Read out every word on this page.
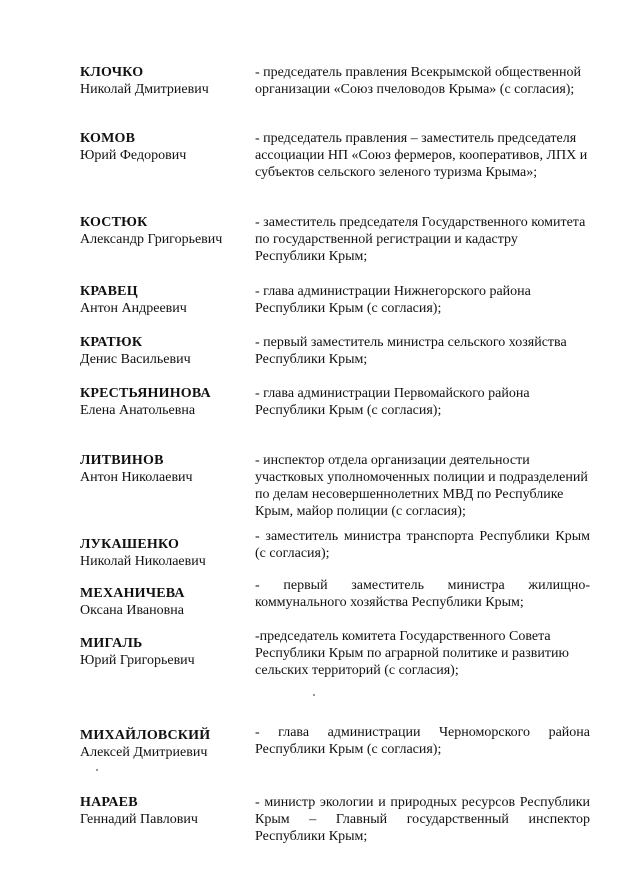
КЛОЧКО
Николай Дмитриевич
- председатель правления Всекрымской общественной организации «Союз пчеловодов Крыма» (с согласия);
КОМОВ
Юрий Федорович
- председатель правления – заместитель председателя ассоциации НП «Союз фермеров, кооперативов, ЛПХ и субъектов сельского зеленого туризма Крыма»;
КОСТЮК
Александр Григорьевич
- заместитель председателя Государственного комитета по государственной регистрации и кадастру Республики Крым;
КРАВЕЦ
Антон Андреевич
- глава администрации Нижнегорского района Республики Крым (с согласия);
КРАТЮК
Денис Васильевич
- первый заместитель министра сельского хозяйства Республики Крым;
КРЕСТЬЯНИНОВА
Елена Анатольевна
- глава администрации Первомайского района Республики Крым (с согласия);
ЛИТВИНОВ
Антон Николаевич
- инспектор отдела организации деятельности участковых уполномоченных полиции и подразделений по делам несовершеннолетних МВД по Республике Крым, майор полиции (с согласия);
ЛУКАШЕНКО
Николай Николаевич
- заместитель министра транспорта Республики Крым (с согласия);
МЕХАНИЧЕВА
Оксана Ивановна
- первый заместитель министра жилищно-коммунального хозяйства Республики Крым;
МИГАЛЬ
Юрий Григорьевич
-председатель комитета Государственного Совета Республики Крым по аграрной политике и развитию сельских территорий (с согласия);
МИХАЙЛОВСКИЙ
Алексей Дмитриевич
- глава администрации Черноморского района Республики Крым (с согласия);
НАРАЕВ
Геннадий Павлович
- министр экологии и природных ресурсов Республики Крым – Главный государственный инспектор Республики Крым;
